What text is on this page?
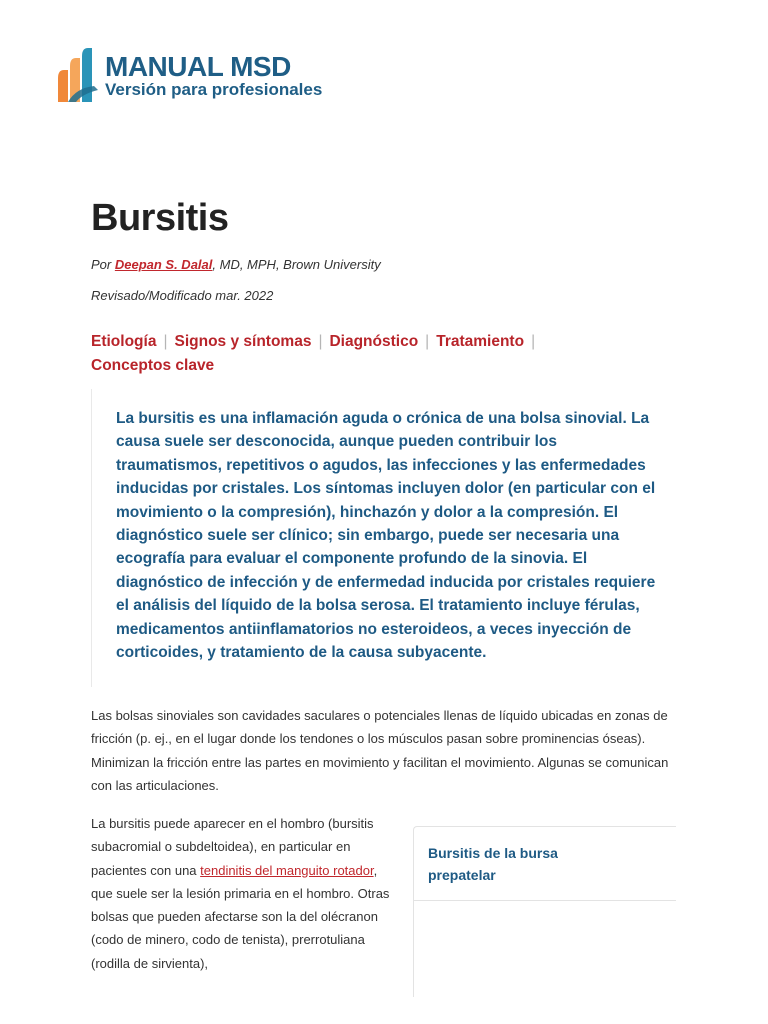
MANUAL MSD
Versión para profesionales
Bursitis
Por Deepan S. Dalal, MD, MPH, Brown University
Revisado/Modificado mar. 2022
Etiología | Signos y síntomas | Diagnóstico | Tratamiento |
Conceptos clave

La bursitis es una inflamación aguda o crónica de una bolsa sinovial. La causa suele ser desconocida, aunque pueden contribuir los traumatismos, repetitivos o agudos, las infecciones y las enfermedades inducidas por cristales. Los síntomas incluyen dolor (en particular con el movimiento o la compresión), hinchazón y dolor a la compresión. El diagnóstico suele ser clínico; sin embargo, puede ser necesaria una ecografía para evaluar el componente profundo de la sinovia. El diagnóstico de infección y de enfermedad inducida por cristales requiere el análisis del líquido de la bolsa serosa. El tratamiento incluye férulas, medicamentos antiinflamatorios no esteroideos, a veces inyección de corticoides, y tratamiento de la causa subyacente.

Las bolsas sinoviales son cavidades saculares o potenciales llenas de líquido ubicadas en zonas de fricción (p. ej., en el lugar donde los tendones o los músculos pasan sobre prominencias óseas). Minimizan la fricción entre las partes en movimiento y facilitan el movimiento. Algunas se comunican con las articulaciones.

La bursitis puede aparecer en el hombro (bursitis subacromial o subdeltoidea), en particular en pacientes con una tendinitis del manguito rotador, que suele ser la lesión primaria en el hombro. Otras bolsas que pueden afectarse son la del olécranon (codo de minero, codo de tenista), prerrotuliana (rodilla de sirvienta),

Bursitis de la bursa prepatelar
